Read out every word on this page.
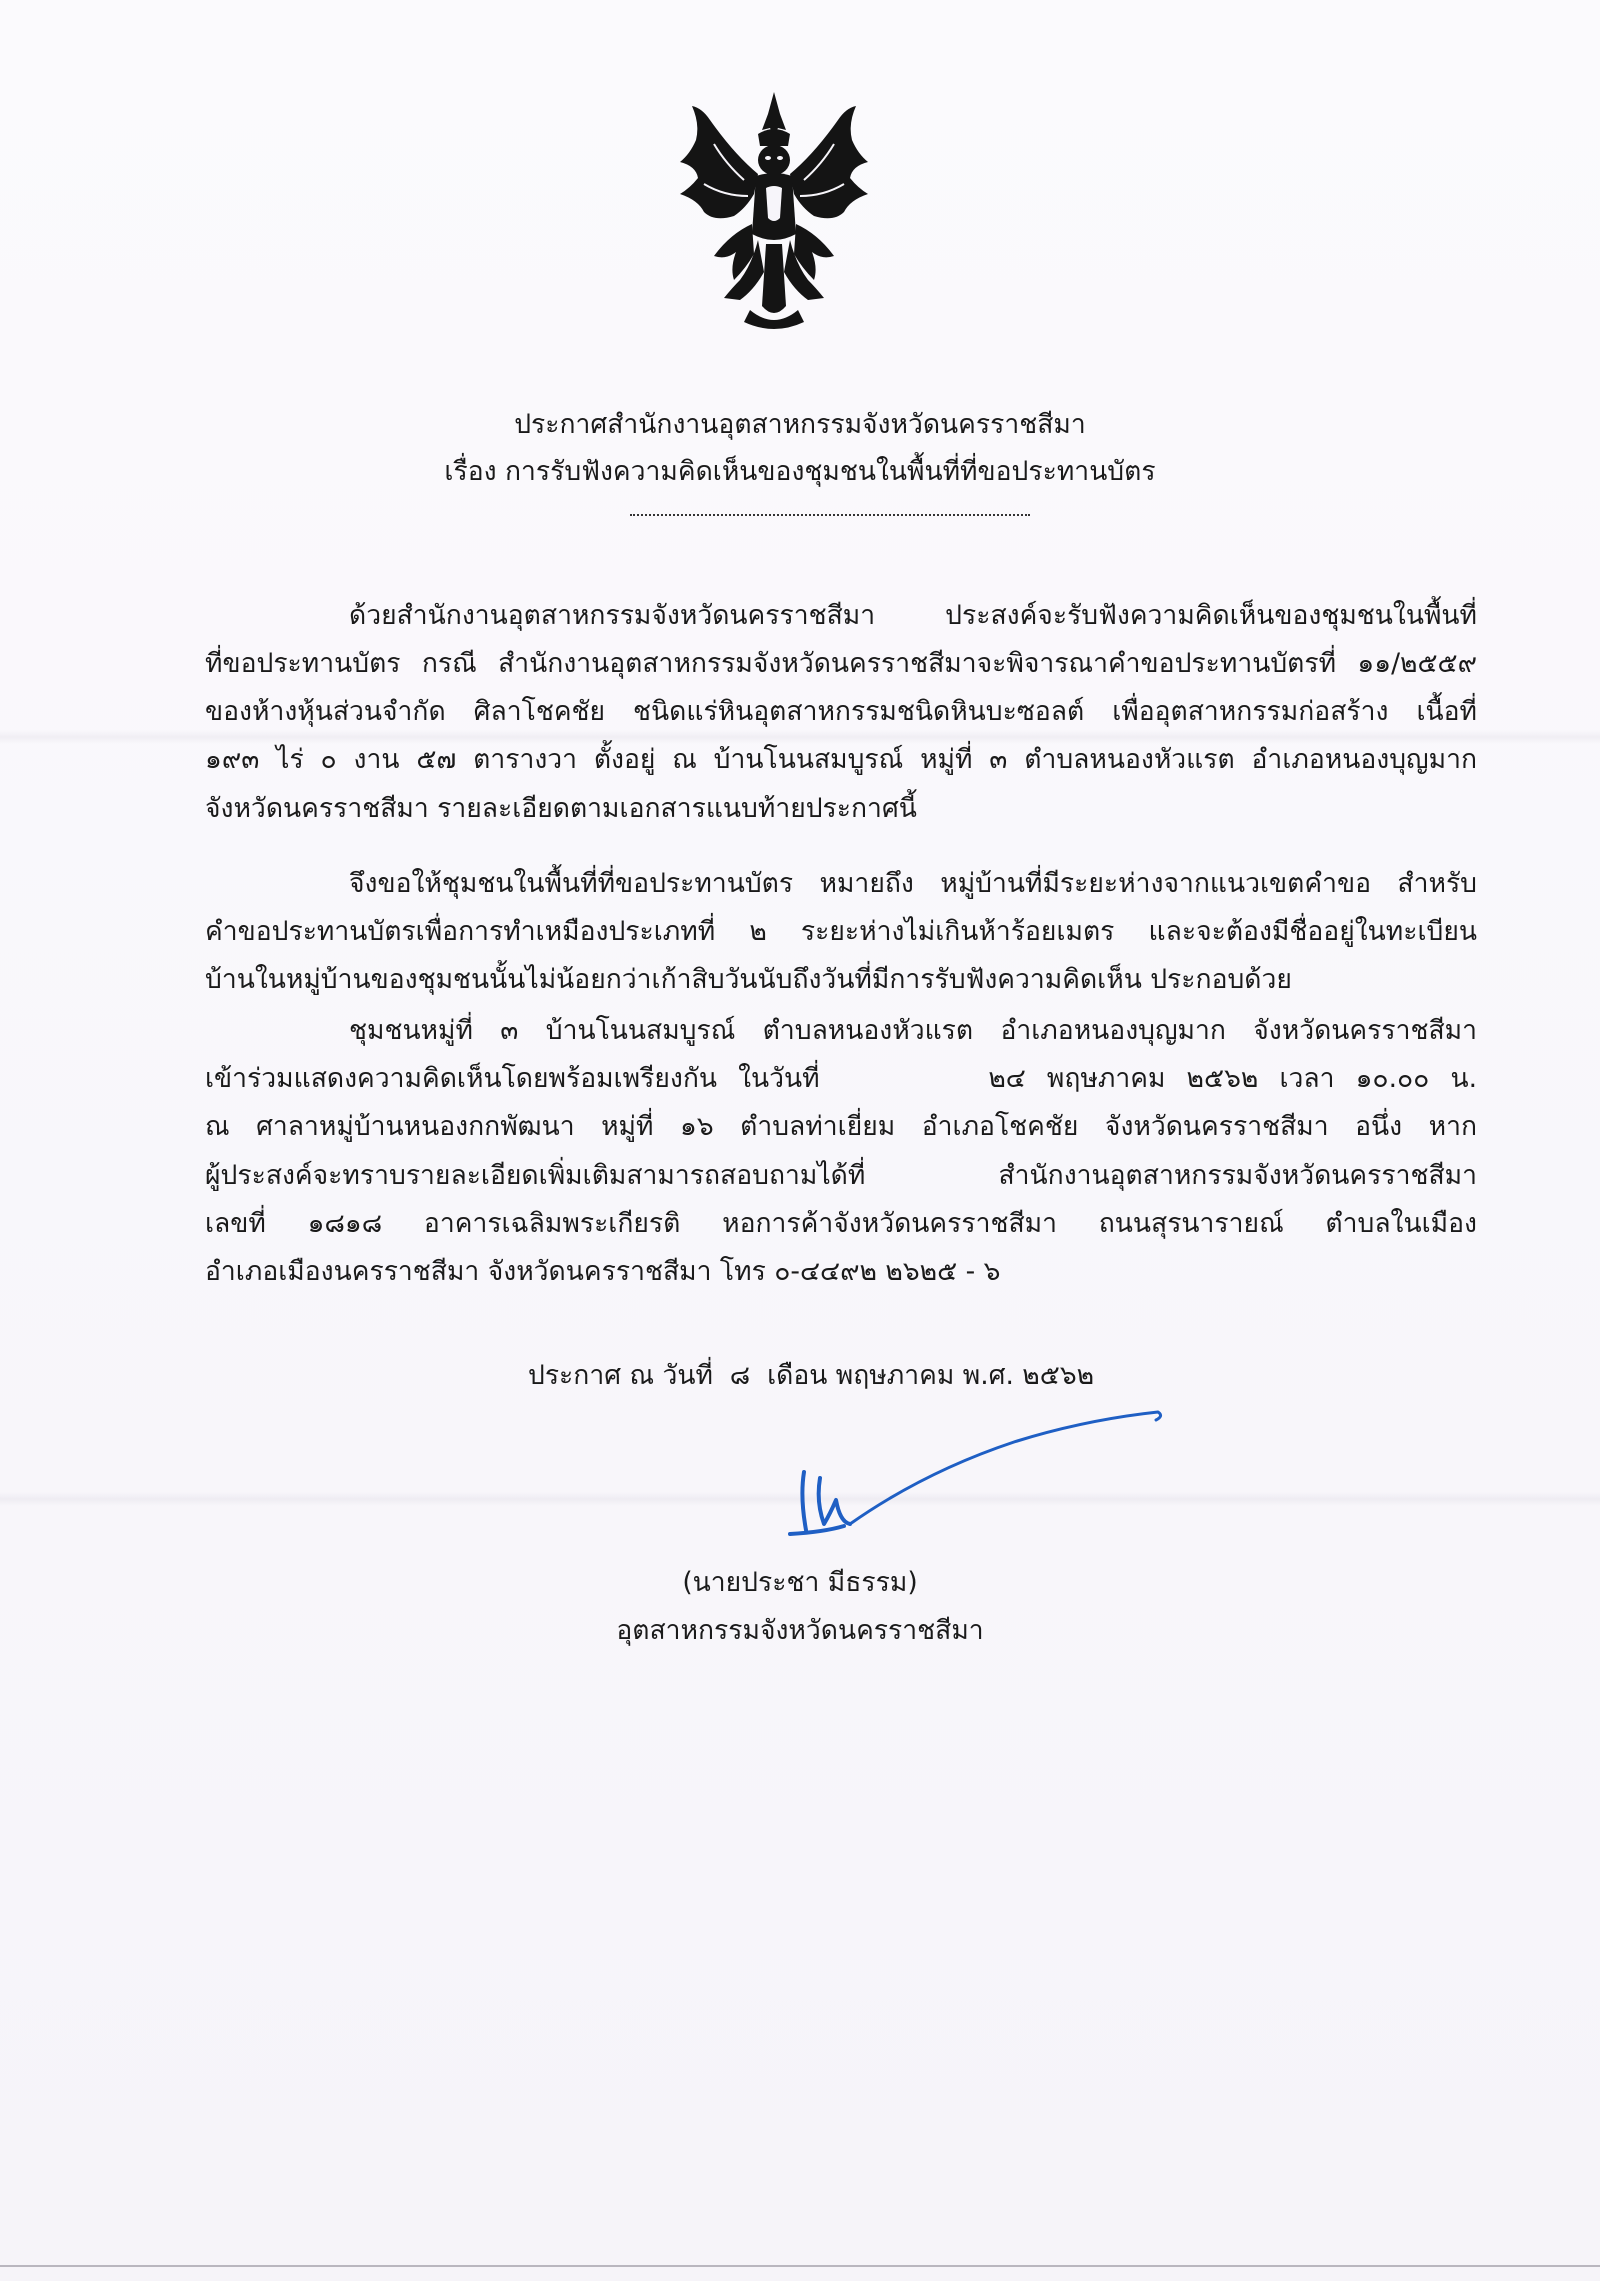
ประกาศสำนักงานอุตสาหกรรมจังหวัดนครราชสีมา
เรื่อง การรับฟังความคิดเห็นของชุมชนในพื้นที่ที่ขอประทานบัตร
ด้วยสำนักงานอุตสาหกรรมจังหวัดนครราชสีมา ประสงค์จะรับฟังความคิดเห็นของชุมชนในพื้นที่
ที่ขอประทานบัตร กรณี สำนักงานอุตสาหกรรมจังหวัดนครราชสีมาจะพิจารณาคำขอประทานบัตรที่ ๑๑/๒๕๕๙
ของห้างหุ้นส่วนจำกัด ศิลาโชคชัย ชนิดแร่หินอุตสาหกรรมชนิดหินบะซอลต์ เพื่ออุตสาหกรรมก่อสร้าง เนื้อที่
๑๙๓ ไร่ ๐ งาน ๕๗ ตารางวา ตั้งอยู่ ณ บ้านโนนสมบูรณ์ หมู่ที่ ๓ ตำบลหนองหัวแรต อำเภอหนองบุญมาก
จังหวัดนครราชสีมา รายละเอียดตามเอกสารแนบท้ายประกาศนี้
จึงขอให้ชุมชนในพื้นที่ที่ขอประทานบัตร หมายถึง หมู่บ้านที่มีระยะห่างจากแนวเขตคำขอ สำหรับ
คำขอประทานบัตรเพื่อการทำเหมืองประเภทที่ ๒ ระยะห่างไม่เกินห้าร้อยเมตร และจะต้องมีชื่ออยู่ในทะเบียน
บ้านในหมู่บ้านของชุมชนนั้นไม่น้อยกว่าเก้าสิบวันนับถึงวันที่มีการรับฟังความคิดเห็น ประกอบด้วย
ชุมชนหมู่ที่ ๓ บ้านโนนสมบูรณ์ ตำบลหนองหัวแรต อำเภอหนองบุญมาก จังหวัดนครราชสีมา
เข้าร่วมแสดงความคิดเห็นโดยพร้อมเพรียงกัน ในวันที่        ๒๔ พฤษภาคม ๒๕๖๒ เวลา ๑๐.๐๐ น.
ณ ศาลาหมู่บ้านหนองกกพัฒนา หมู่ที่ ๑๖ ตำบลท่าเยี่ยม อำเภอโชคชัย จังหวัดนครราชสีมา อนึ่ง หาก
ผู้ประสงค์จะทราบรายละเอียดเพิ่มเติมสามารถสอบถามได้ที่ สำนักงานอุตสาหกรรมจังหวัดนครราชสีมา
เลขที่ ๑๘๑๘ อาคารเฉลิมพระเกียรติ หอการค้าจังหวัดนครราชสีมา ถนนสุรนารายณ์ ตำบลในเมือง
อำเภอเมืองนครราชสีมา จังหวัดนครราชสีมา โทร ๐-๔๔๙๒ ๒๖๒๕ - ๖
ประกาศ ณ วันที่  ๘  เดือน พฤษภาคม พ.ศ. ๒๕๖๒
(นายประชา มีธรรม)
อุตสาหกรรมจังหวัดนครราชสีมา
